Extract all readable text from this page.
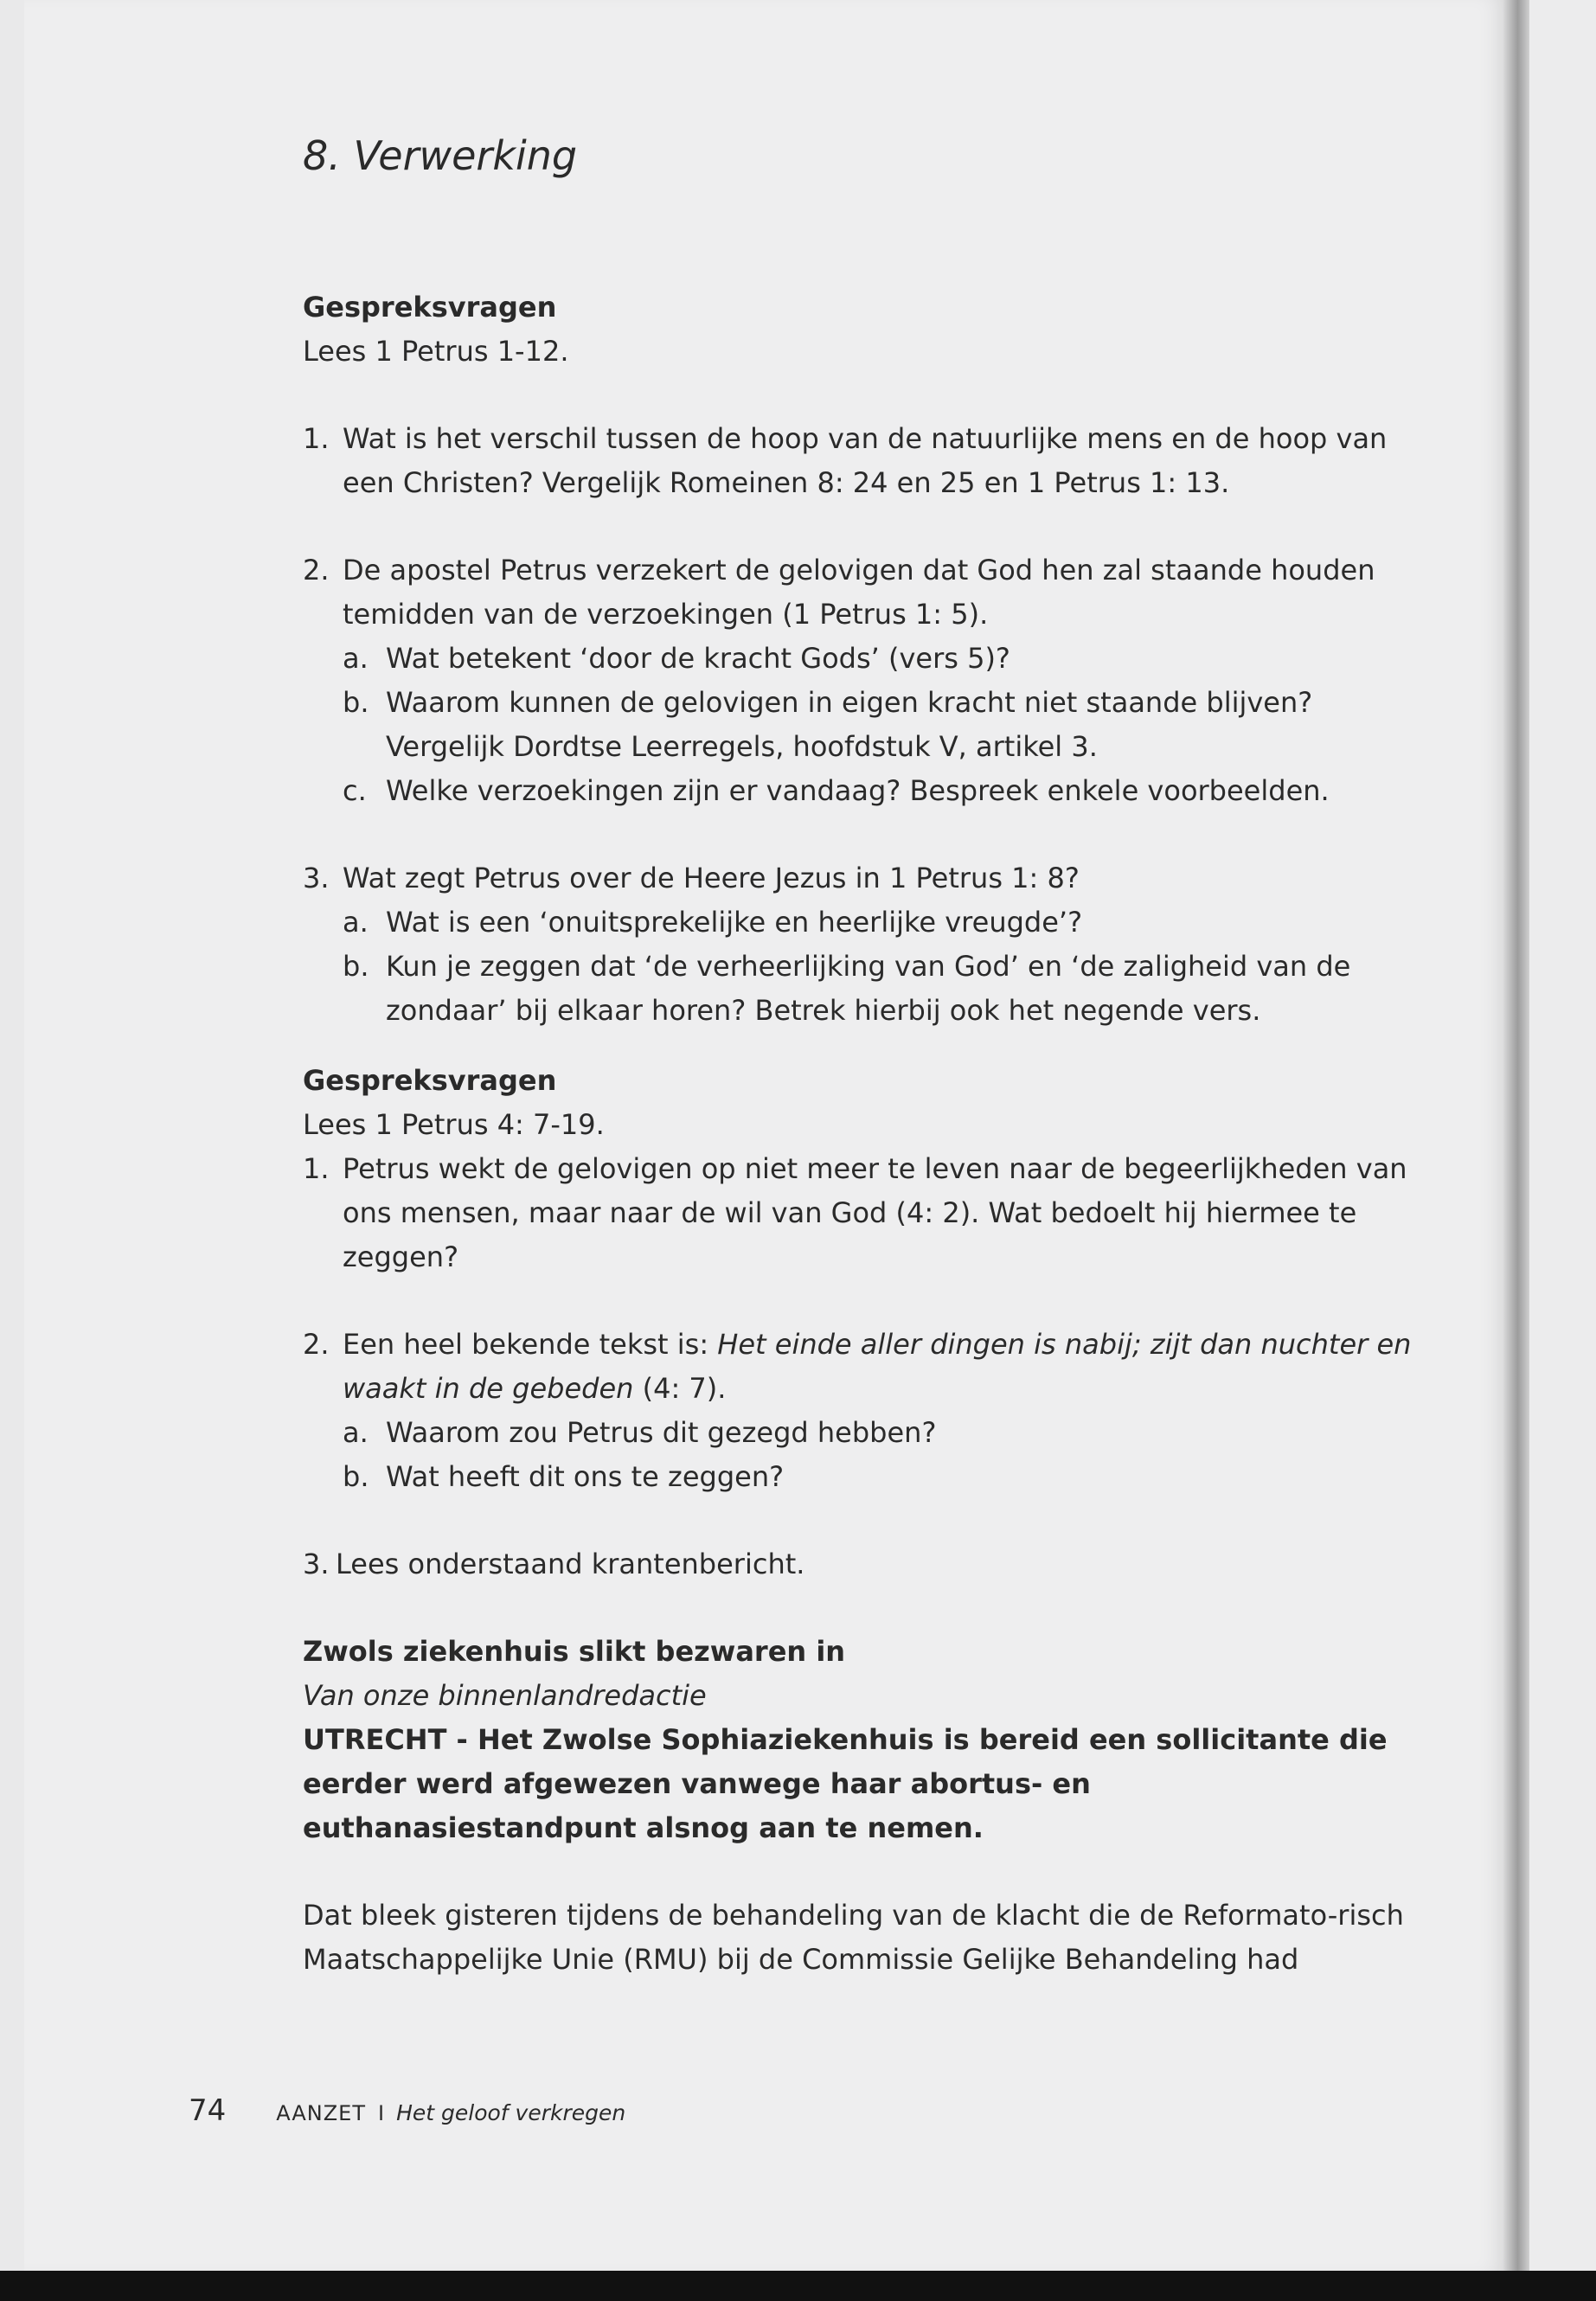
8. Verwerking

Gespreksvragen

Lees 1 Petrus 1-12.

1. Wat is het verschil tussen de hoop van de natuurlijke mens en de hoop van een Christen? Vergelijk Romeinen 8: 24 en 25 en 1 Petrus 1: 13.
2. De apostel Petrus verzekert de gelovigen dat God hen zal staande houden temidden van de verzoekingen (1 Petrus 1: 5).
a. Wat betekent ‘door de kracht Gods’ (vers 5)?
b. Waarom kunnen de gelovigen in eigen kracht niet staande blijven? Vergelijk Dordtse Leerregels, hoofdstuk V, artikel 3.
c. Welke verzoekingen zijn er vandaag? Bespreek enkele voorbeelden.
3. Wat zegt Petrus over de Heere Jezus in 1 Petrus 1: 8?
a. Wat is een ‘onuitsprekelijke en heerlijke vreugde’?
b. Kun je zeggen dat ‘de verheerlijking van God’ en ‘de zaligheid van de zondaar’ bij elkaar horen? Betrek hierbij ook het negende vers.

Gespreksvragen

Lees 1 Petrus 4: 7-19.

1. Petrus wekt de gelovigen op niet meer te leven naar de begeerlijkheden van ons mensen, maar naar de wil van God (4: 2). Wat bedoelt hij hiermee te zeggen?
2. Een heel bekende tekst is: Het einde aller dingen is nabij; zijt dan nuchter en waakt in de gebeden (4: 7).
a. Waarom zou Petrus dit gezegd hebben?
b. Wat heeft dit ons te zeggen?
3. Lees onderstaand krantenbericht.

Zwols ziekenhuis slikt bezwaren in

Van onze binnenlandredactie

UTRECHT - Het Zwolse Sophiaziekenhuis is bereid een sollicitante die eerder werd afgewezen vanwege haar abortus- en euthanasiestandpunt alsnog aan te nemen.

Dat bleek gisteren tijdens de behandeling van de klacht die de Reformato-risch Maatschappelijke Unie (RMU) bij de Commissie Gelijke Behandeling had

74 AANZET I Het geloof verkregen
